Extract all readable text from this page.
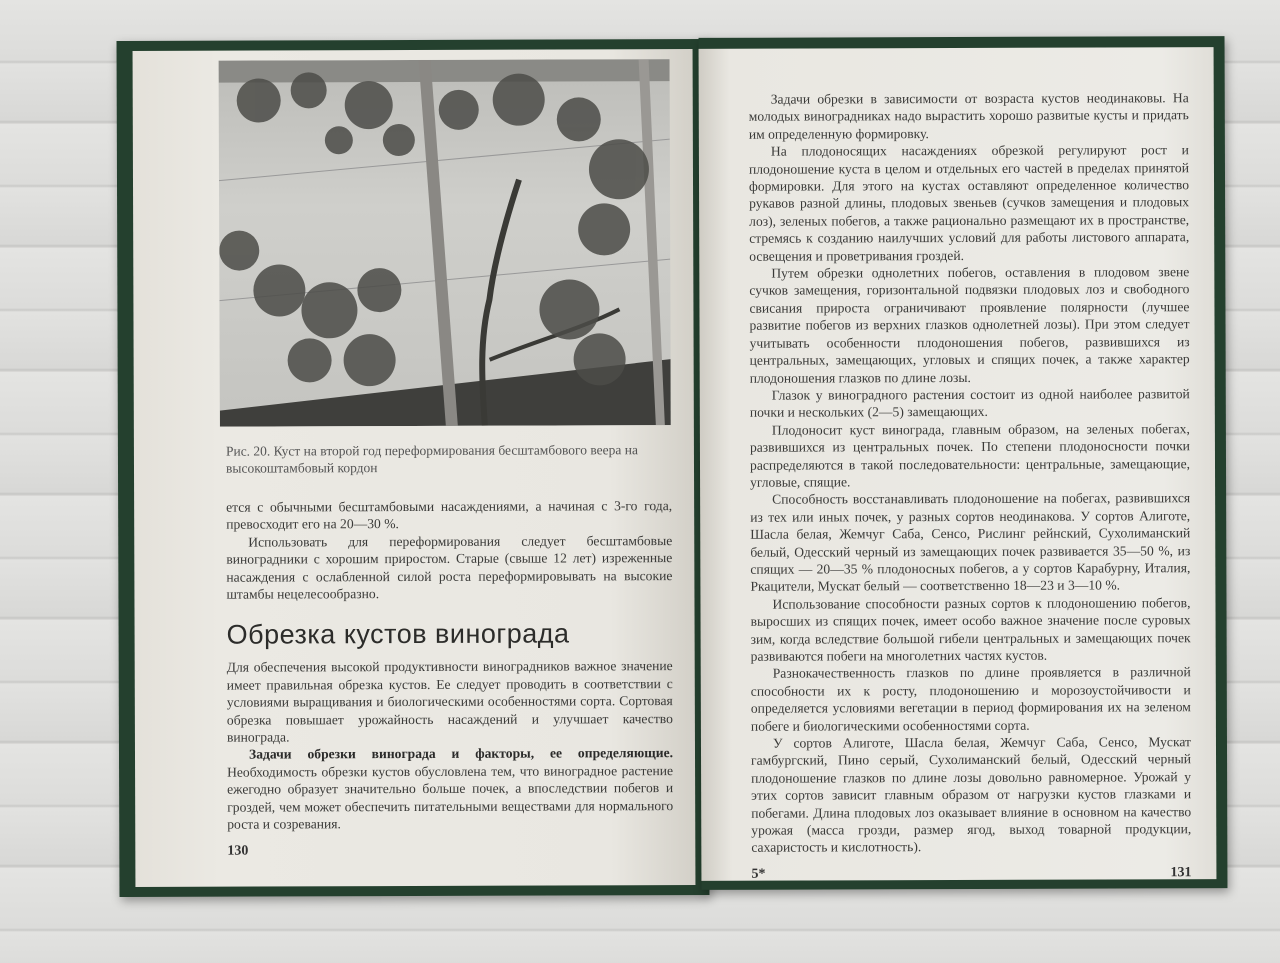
Рис. 20. Куст на второй год переформирования бесштамбового веера на высокоштамбовый кордон

ется с обычными бесштамбовыми насаждениями, а начиная с 3-го года, превосходит его на 20—30 %.

Использовать для переформирования следует бесштамбовые виноградники с хорошим приростом. Старые (свыше 12 лет) изреженные насаждения с ослабленной силой роста переформировывать на высокие штамбы нецелесообразно.

Обрезка кустов винограда

Для обеспечения высокой продуктивности виноградников важное значение имеет правильная обрезка кустов. Ее следует проводить в соответствии с условиями выращивания и биологическими особенностями сорта. Сортовая обрезка повышает урожайность насаждений и улучшает качество винограда.

Задачи обрезки винограда и факторы, ее определяющие. Необходимость обрезки кустов обусловлена тем, что виноградное растение ежегодно образует значительно больше почек, а впоследствии побегов и гроздей, чем может обеспечить питательными веществами для нормального роста и созревания.

130

Задачи обрезки в зависимости от возраста кустов неодинаковы. На молодых виноградниках надо вырастить хорошо развитые кусты и придать им определенную формировку.

На плодоносящих насаждениях обрезкой регулируют рост и плодоношение куста в целом и отдельных его частей в пределах принятой формировки. Для этого на кустах оставляют определенное количество рукавов разной длины, плодовых звеньев (сучков замещения и плодовых лоз), зеленых побегов, а также рационально размещают их в пространстве, стремясь к созданию наилучших условий для работы листового аппарата, освещения и проветривания гроздей.

Путем обрезки однолетних побегов, оставления в плодовом звене сучков замещения, горизонтальной подвязки плодовых лоз и свободного свисания прироста ограничивают проявление полярности (лучшее развитие побегов из верхних глазков однолетней лозы). При этом следует учитывать особенности плодоношения побегов, развившихся из центральных, замещающих, угловых и спящих почек, а также характер плодоношения глазков по длине лозы.

Глазок у виноградного растения состоит из одной наиболее развитой почки и нескольких (2—5) замещающих.

Плодоносит куст винограда, главным образом, на зеленых побегах, развившихся из центральных почек. По степени плодоносности почки распределяются в такой последовательности: центральные, замещающие, угловые, спящие.

Способность восстанавливать плодоношение на побегах, развившихся из тех или иных почек, у разных сортов неодинакова. У сортов Алиготе, Шасла белая, Жемчуг Саба, Сенсо, Рислинг рейнский, Сухолиманский белый, Одесский черный из замещающих почек развивается 35—50 %, из спящих — 20—35 % плодоносных побегов, а у сортов Карабурну, Италия, Ркацители, Мускат белый — соответственно 18—23 и 3—10 %.

Использование способности разных сортов к плодоношению побегов, выросших из спящих почек, имеет особо важное значение после суровых зим, когда вследствие большой гибели центральных и замещающих почек развиваются побеги на многолетних частях кустов.

Разнокачественность глазков по длине проявляется в различной способности их к росту, плодоношению и морозоустойчивости и определяется условиями вегетации в период формирования их на зеленом побеге и биологическими особенностями сорта.

У сортов Алиготе, Шасла белая, Жемчуг Саба, Сенсо, Мускат гамбургский, Пино серый, Сухолиманский белый, Одесский черный плодоношение глазков по длине лозы довольно равномерное. Урожай у этих сортов зависит главным образом от нагрузки кустов глазками и побегами. Длина плодовых лоз оказывает влияние в основном на качество урожая (масса грозди, размер ягод, выход товарной продукции, сахаристость и кислотность).

5*	131
